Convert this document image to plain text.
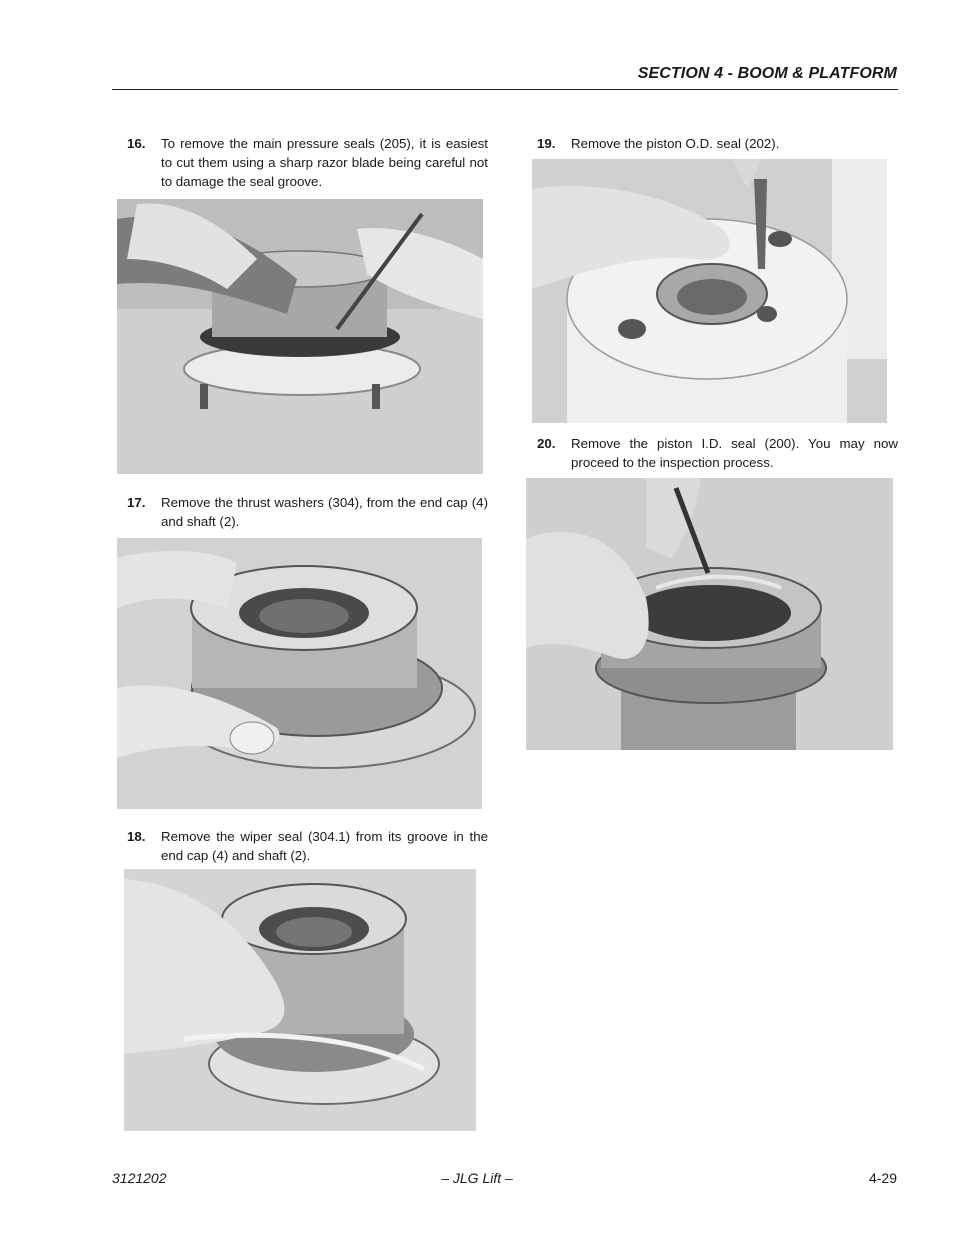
SECTION 4 - BOOM & PLATFORM
16. To remove the main pressure seals (205), it is easiest to cut them using a sharp razor blade being careful not to damage the seal groove.
17. Remove the thrust washers (304), from the end cap (4) and shaft (2).
18. Remove the wiper seal (304.1) from its groove in the end cap (4) and shaft (2).
19. Remove the piston O.D. seal (202).
20. Remove the piston I.D. seal (200). You may now proceed to the inspection process.
3121202	– JLG Lift –	4-29
